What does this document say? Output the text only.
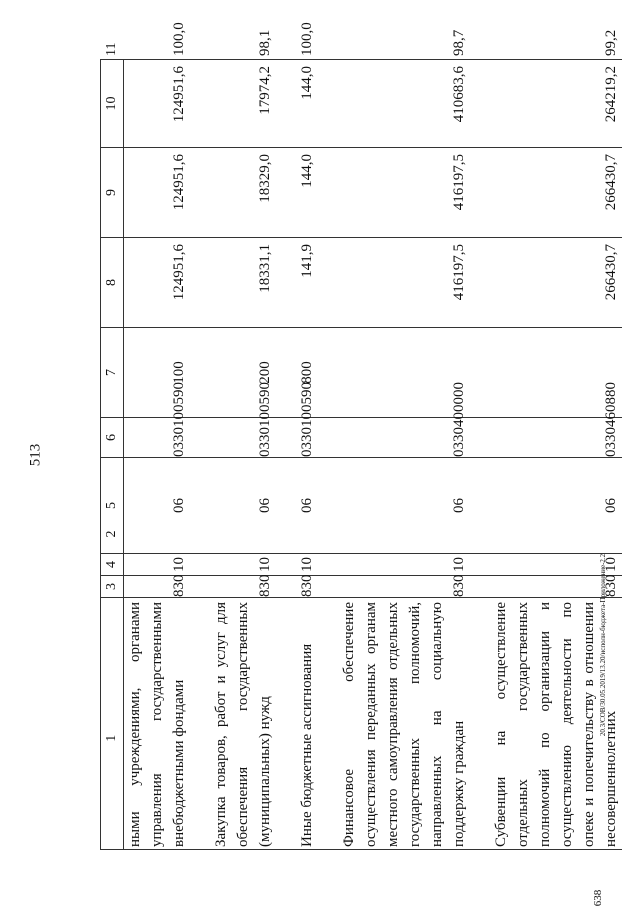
513
20.3/СОВ/30.05.2019/13.20/исполн-бюджета-Приложение-2.2
638
1	2	3	4	5	6	7	8	9	10	11
ными учреждениями, органами управления государственными внебюджетными фондами		830	10	06	0330100590	100	124951,6	124951,6	124951,6	100,0
Закупка товаров, работ и услуг для обеспечения государственных (муниципальных) нужд		830	10	06	0330100590	200	18331,1	18329,0	17974,2	98,1
Иные бюджетные ассигнования		830	10	06	0330100590	800	141,9	144,0	144,0	100,0
Финансовое обеспечение осуществления переданных органам местного самоуправления отдельных государственных полномочий, направленных на социальную поддержку граждан		830	10	06	0330400000		416197,5	416197,5	410683,6	98,7
Субвенции на осуществление отдельных государственных полномочий по организации и осуществлению деятельности по опеке и попечительству в отношении несовершеннолетних		830	10	06	0330460880		266430,7	266430,7	264219,2	99,2
